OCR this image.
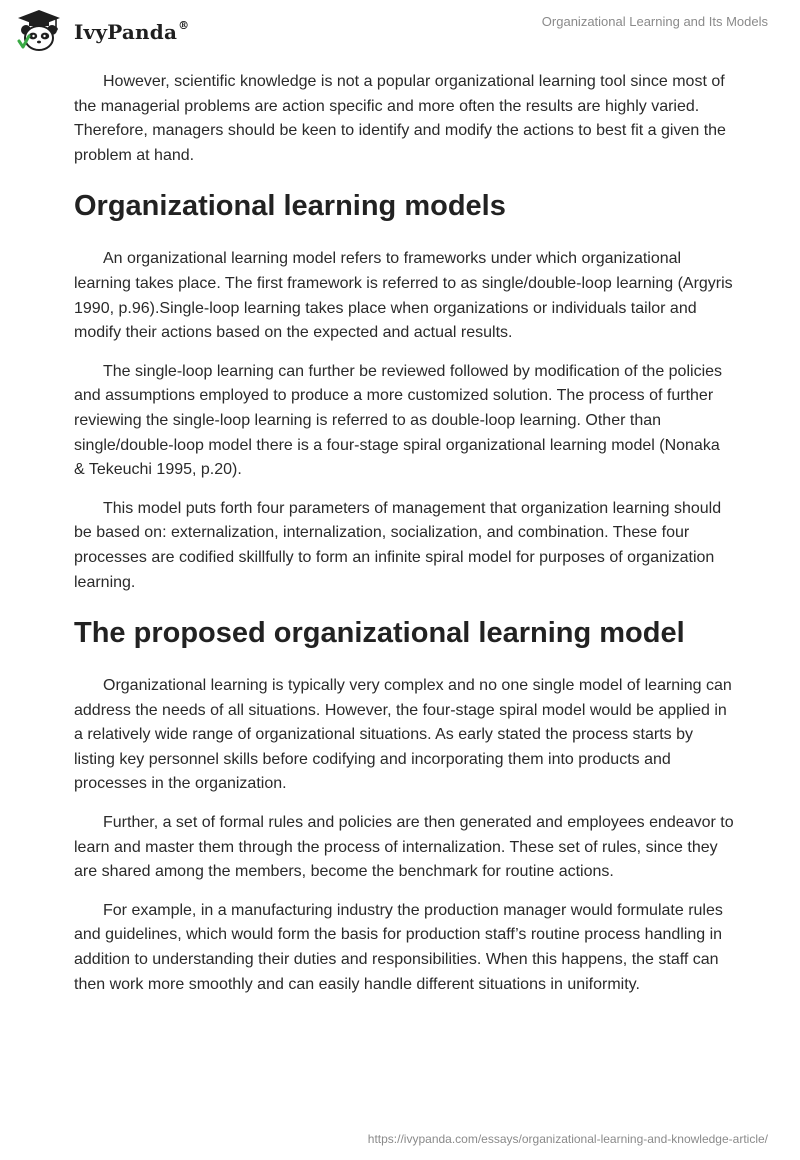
IvyPanda®	Organizational Learning and Its Models

However, scientific knowledge is not a popular organizational learning tool since most of the managerial problems are action specific and more often the results are highly varied. Therefore, managers should be keen to identify and modify the actions to best fit a given the problem at hand.

Organizational learning models

An organizational learning model refers to frameworks under which organizational learning takes place. The first framework is referred to as single/double-loop learning (Argyris 1990, p.96).Single-loop learning takes place when organizations or individuals tailor and modify their actions based on the expected and actual results.

The single-loop learning can further be reviewed followed by modification of the policies and assumptions employed to produce a more customized solution. The process of further reviewing the single-loop learning is referred to as double-loop learning. Other than single/double-loop model there is a four-stage spiral organizational learning model (Nonaka & Tekeuchi 1995, p.20).

This model puts forth four parameters of management that organization learning should be based on: externalization, internalization, socialization, and combination. These four processes are codified skillfully to form an infinite spiral model for purposes of organization learning.

The proposed organizational learning model

Organizational learning is typically very complex and no one single model of learning can address the needs of all situations. However, the four-stage spiral model would be applied in a relatively wide range of organizational situations. As early stated the process starts by listing key personnel skills before codifying and incorporating them into products and processes in the organization.

Further, a set of formal rules and policies are then generated and employees endeavor to learn and master them through the process of internalization. These set of rules, since they are shared among the members, become the benchmark for routine actions.

For example, in a manufacturing industry the production manager would formulate rules and guidelines, which would form the basis for production staff’s routine process handling in addition to understanding their duties and responsibilities. When this happens, the staff can then work more smoothly and can easily handle different situations in uniformity.

https://ivypanda.com/essays/organizational-learning-and-knowledge-article/
